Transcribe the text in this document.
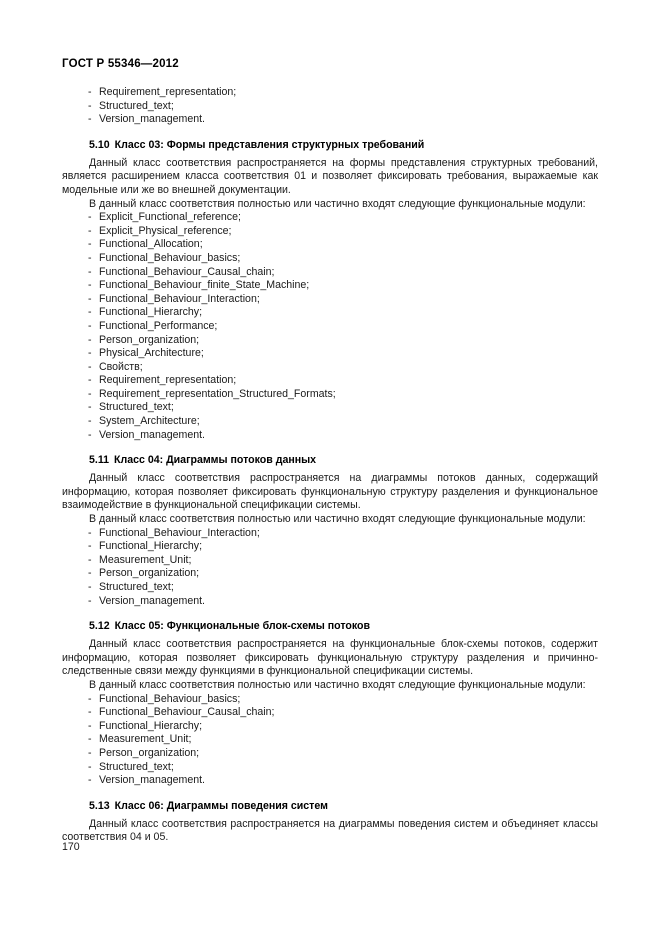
ГОСТ Р 55346—2012
- Requirement_representation;
- Structured_text;
- Version_management.
5.10 Класс 03: Формы представления структурных требований

Данный класс соответствия распространяется на формы представления структурных требований, является расширением класса соответствия 01 и позволяет фиксировать требования, выражаемые как модельные или же во внешней документации.

В данный класс соответствия полностью или частично входят следующие функциональные модули:

- Explicit_Functional_reference;
- Explicit_Physical_reference;
- Functional_Allocation;
- Functional_Behaviour_basics;
- Functional_Behaviour_Causal_chain;
- Functional_Behaviour_finite_State_Machine;
- Functional_Behaviour_Interaction;
- Functional_Hierarchy;
- Functional_Performance;
- Person_organization;
- Physical_Architecture;
- Свойств;
- Requirement_representation;
- Requirement_representation_Structured_Formats;
- Structured_text;
- System_Architecture;
- Version_management.
5.11 Класс 04: Диаграммы потоков данных

Данный класс соответствия распространяется на диаграммы потоков данных, содержащий информацию, которая позволяет фиксировать функциональную структуру разделения и функциональное взаимодействие в функциональной спецификации системы.

В данный класс соответствия полностью или частично входят следующие функциональные модули:

- Functional_Behaviour_Interaction;
- Functional_Hierarchy;
- Measurement_Unit;
- Person_organization;
- Structured_text;
- Version_management.
5.12 Класс 05: Функциональные блок-схемы потоков

Данный класс соответствия распространяется на функциональные блок-схемы потоков, содержит информацию, которая позволяет фиксировать функциональную структуру разделения и причинно-следственные связи между функциями в функциональной спецификации системы.

В данный класс соответствия полностью или частично входят следующие функциональные модули:

- Functional_Behaviour_basics;
- Functional_Behaviour_Causal_chain;
- Functional_Hierarchy;
- Measurement_Unit;
- Person_organization;
- Structured_text;
- Version_management.
5.13 Класс 06: Диаграммы поведения систем

Данный класс соответствия распространяется на диаграммы поведения систем и объединяет классы соответствия 04 и 05.

170
